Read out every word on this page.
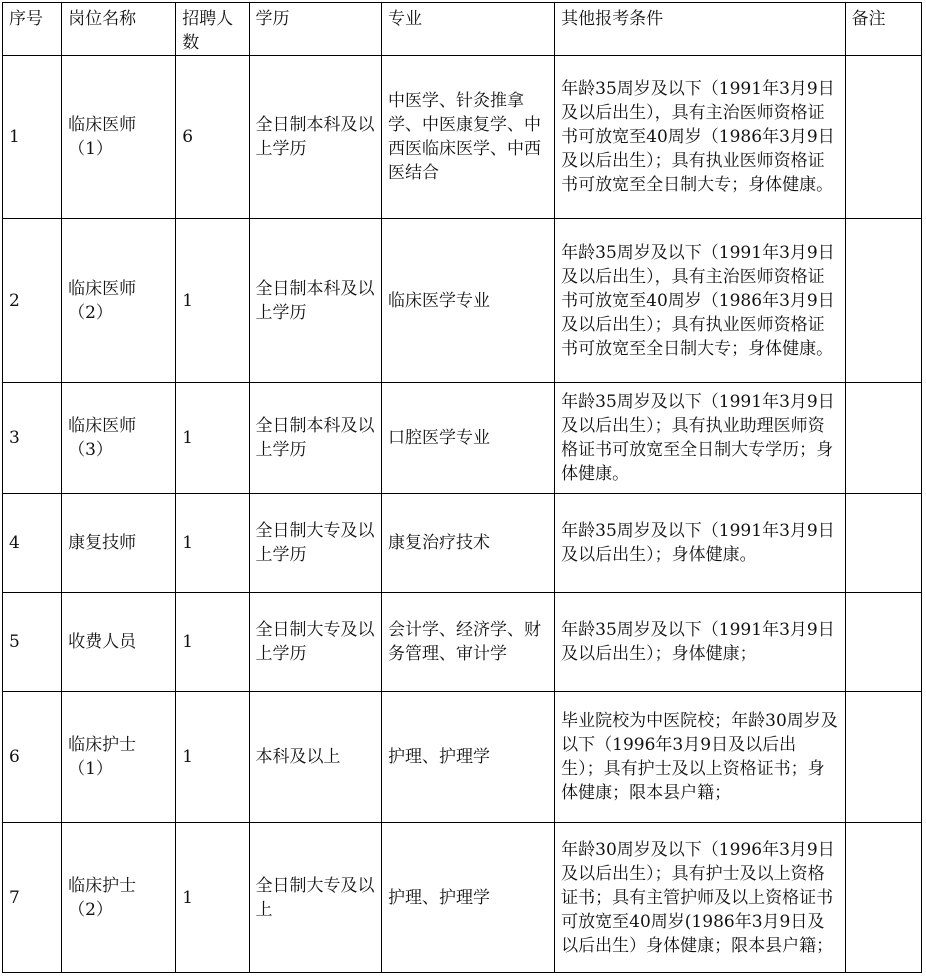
序号	岗位名称	招聘人数	学历	专业	其他报考条件	备注
1	临床医师（1）	6	全日制本科及以上学历	中医学、针灸推拿学、中医康复学、中西医临床医学、中西医结合	年龄35周岁及以下（1991年3月9日及以后出生），具有主治医师资格证书可放宽至40周岁（1986年3月9日及以后出生）；具有执业医师资格证书可放宽至全日制大专；身体健康。	
2	临床医师（2）	1	全日制本科及以上学历	临床医学专业	年龄35周岁及以下（1991年3月9日及以后出生），具有主治医师资格证书可放宽至40周岁（1986年3月9日及以后出生）；具有执业医师资格证书可放宽至全日制大专；身体健康。	
3	临床医师（3）	1	全日制本科及以上学历	口腔医学专业	年龄35周岁及以下（1991年3月9日及以后出生）；具有执业助理医师资格证书可放宽至全日制大专学历；身体健康。	
4	康复技师	1	全日制大专及以上学历	康复治疗技术	年龄35周岁及以下（1991年3月9日及以后出生）；身体健康。	
5	收费人员	1	全日制大专及以上学历	会计学、经济学、财务管理、审计学	年龄35周岁及以下（1991年3月9日及以后出生）；身体健康；	
6	临床护士（1）	1	本科及以上	护理、护理学	毕业院校为中医院校；年龄30周岁及以下（1996年3月9日及以后出生）；具有护士及以上资格证书；身体健康；限本县户籍；	
7	临床护士（2）	1	全日制大专及以上	护理、护理学	年龄30周岁及以下（1996年3月9日及以后出生）；具有护士及以上资格证书；具有主管护师及以上资格证书可放宽至40周岁(1986年3月9日及以后出生）身体健康；限本县户籍；	
